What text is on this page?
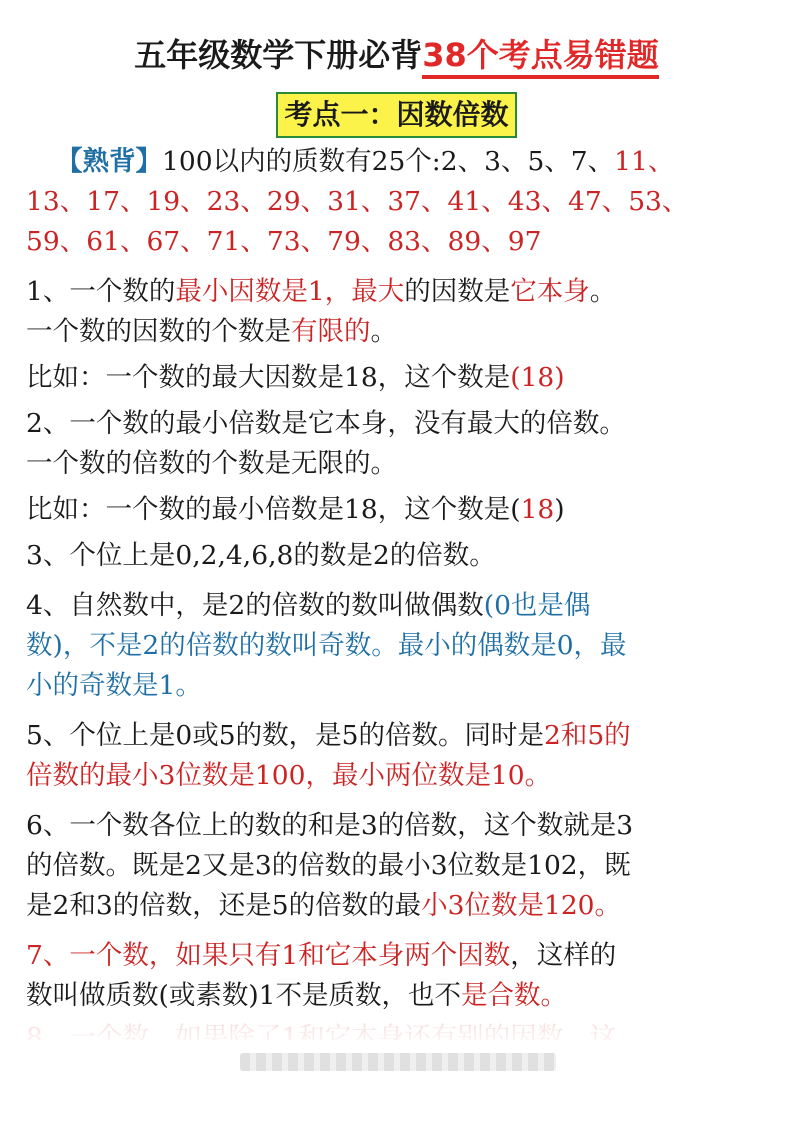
五年级数学下册必背38个考点易错题
考点一：因数倍数

【熟背】100以内的质数有25个:2、3、5、7、11、

13、17、19、23、29、31、37、41、43、47、53、

59、61、67、71、73、79、83、89、97

1、一个数的最小因数是1，最大的因数是它本身。

一个数的因数的个数是有限的。

比如：一个数的最大因数是18，这个数是(18)

2、一个数的最小倍数是它本身，没有最大的倍数。

一个数的倍数的个数是无限的。

比如：一个数的最小倍数是18，这个数是(18)

3、个位上是0,2,4,6,8的数是2的倍数。

4、自然数中，是2的倍数的数叫做偶数(0也是偶

数)，不是2的倍数的数叫奇数。最小的偶数是0，最

小的奇数是1。

5、个位上是0或5的数，是5的倍数。同时是2和5的

倍数的最小3位数是100，最小两位数是10。

6、一个数各位上的数的和是3的倍数，这个数就是3

的倍数。既是2又是3的倍数的最小3位数是102，既

是2和3的倍数，还是5的倍数的最小3位数是120。

7、一个数，如果只有1和它本身两个因数，这样的

数叫做质数(或素数)1不是质数，也不是合数。
